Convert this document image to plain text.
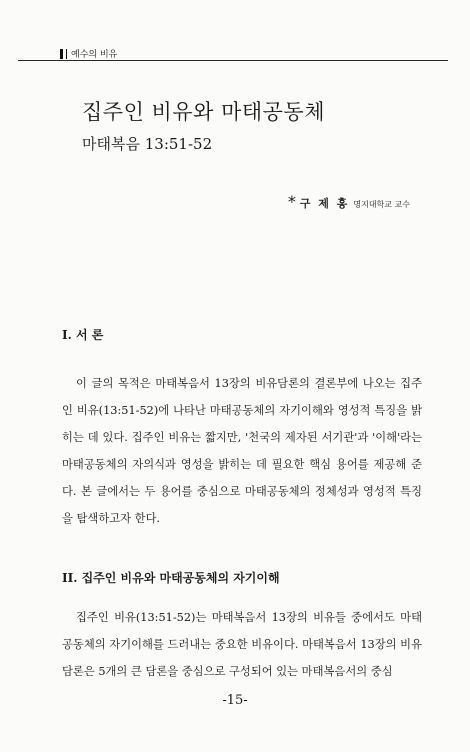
예수의 비유
집주인 비유와 마태공동체
마태복음 13:51-52
* 구 제 홍 명지대학교 교수
I. 서 론

이 글의 목적은 마태복음서 13장의 비유담론의 결론부에 나오는 집주인 비유(13:51-52)에 나타난 마태공동체의 자기이해와 영성적 특징을 밝히는 데 있다. 집주인 비유는 짧지만, '천국의 제자된 서기관'과 '이해'라는 마태공동체의 자의식과 영성을 밝히는 데 필요한 핵심 용어를 제공해 준다. 본 글에서는 두 용어를 중심으로 마태공동체의 정체성과 영성적 특징을 탐색하고자 한다.

II. 집주인 비유와 마태공동체의 자기이해

집주인 비유(13:51-52)는 마태복음서 13장의 비유들 중에서도 마태공동체의 자기이해를 드러내는 중요한 비유이다. 마태복음서 13장의 비유담론은 5개의 큰 담론을 중심으로 구성되어 있는 마태복음서의 중심

-15-
